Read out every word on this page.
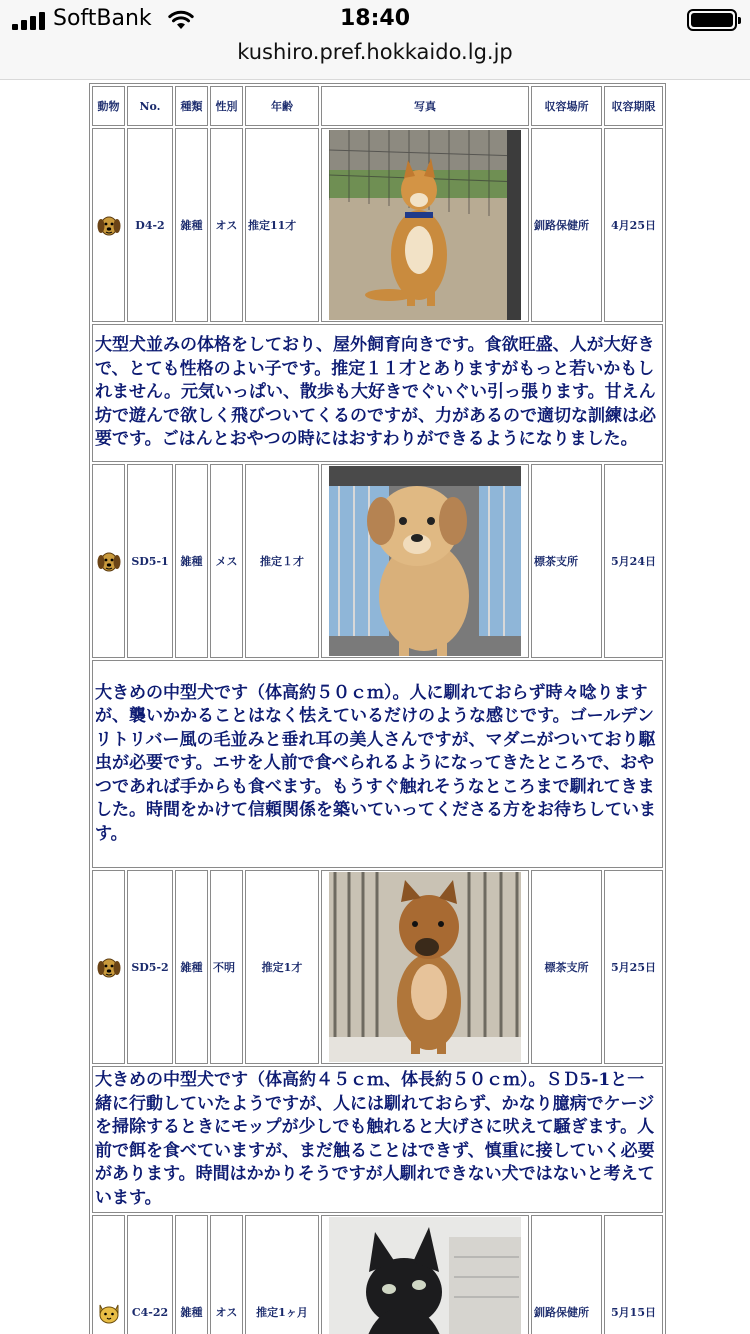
SoftBank	18:40
kushiro.pref.hokkaido.lg.jp
動物	No.	種類	性別	年齢	写真	収容場所	収容期限

	D4-2	雑種	オス	推定11才		釧路保健所	4月25日
大型犬並みの体格をしており、屋外飼育向きです。食欲旺盛、人が大好きで、とても性格のよい子です。推定１１才とありますがもっと若いかもしれません。元気いっぱい、散歩も大好きでぐいぐい引っ張ります。甘えん坊で遊んで欲しく飛びついてくるのですが、力があるので適切な訓練は必要です。ごはんとおやつの時にはおすわりができるようになりました。							

	SD5-1	雑種	メス	推定１才		標茶支所	5月24日
大きめの中型犬です（体高約５０ｃｍ）。人に馴れておらず時々唸りますが、襲いかかることはなく怯えているだけのような感じです。ゴールデンリトリバー風の毛並みと垂れ耳の美人さんですが、マダニがついており駆虫が必要です。エサを人前で食べられるようになってきたところで、おやつであれば手からも食べます。もうすぐ触れそうなところまで馴れてきました。時間をかけて信頼関係を築いていってくださる方をお待ちしています。							

	SD5-2	雑種	不明	推定1才		標茶支所	5月25日
大きめの中型犬です（体高約４５ｃｍ、体長約５０ｃｍ）。ＳＤ5-1と一緒に行動していたようですが、人には馴れておらず、かなり臆病でケージを掃除するときにモップが少しでも触れると大げさに吠えて騒ぎます。人前で餌を食べていますが、まだ触ることはできず、慎重に接していく必要があります。時間はかかりそうですが人馴れできない犬ではないと考えています。							

	C4-22	雑種	オス	推定1ヶ月		釧路保健所	5月15日
